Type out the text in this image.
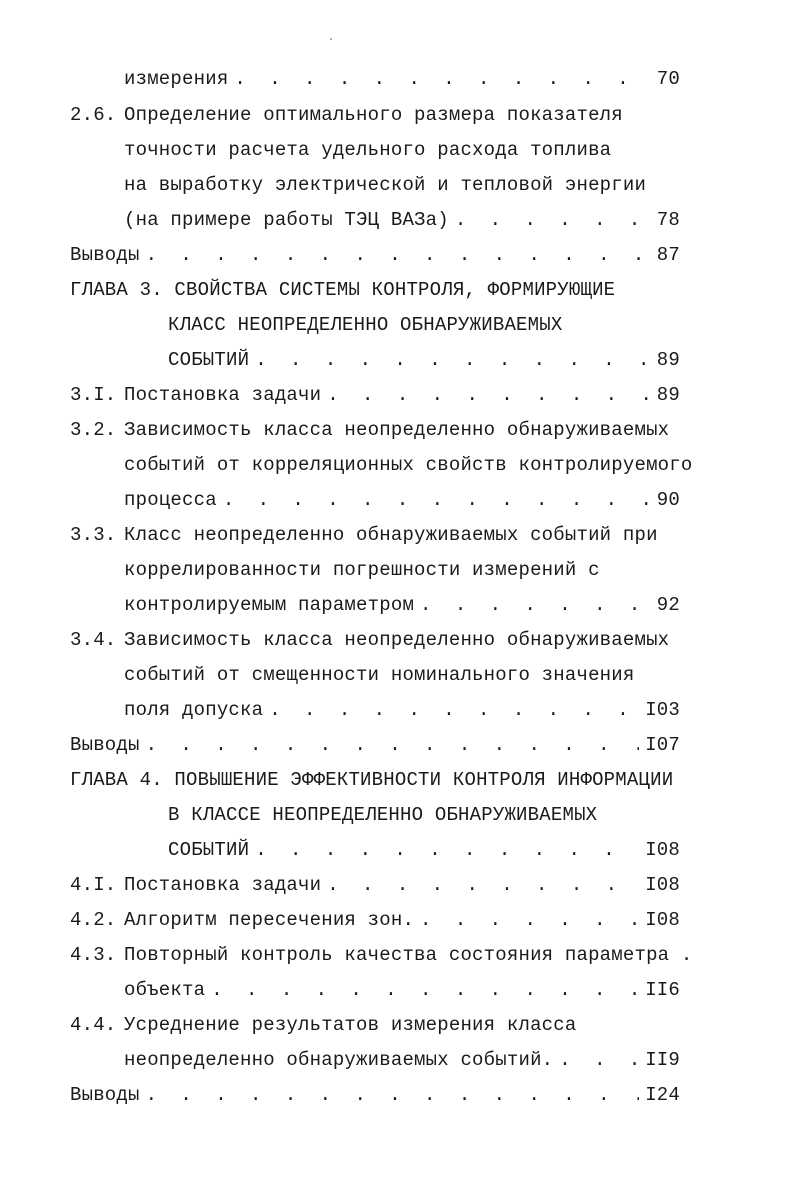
измерения . . .	70
2.6. Определение оптимального размера показателя
точности расчета удельного расхода топлива
на выработку электрической и тепловой энергии
(на примере работы ТЭЦ ВАЗа) . . .	78
Выводы . . .	87
ГЛАВА 3. СВОЙСТВА СИСТЕМЫ КОНТРОЛЯ, ФОРМИРУЮЩИЕ
КЛАСС НЕОПРЕДЕЛЕННО ОБНАРУЖИВАЕМЫХ
СОБЫТИЙ . . .	89
3.I. Постановка задачи . . .	89
3.2. Зависимость класса неопределенно обнаруживаемых
событий от корреляционных свойств контролируемого
процесса . . .	90
3.3. Класс неопределенно обнаруживаемых событий при
коррелированности погрешности измерений с
контролируемым параметром . . .	92
3.4. Зависимость класса неопределенно обнаруживаемых
событий от смещенности номинального значения
поля допуска . . .	I03
Выводы . . .	I07
ГЛАВА 4. ПОВЫШЕНИЕ ЭФФЕКТИВНОСТИ КОНТРОЛЯ ИНФОРМАЦИИ
В КЛАССЕ НЕОПРЕДЕЛЕННО ОБНАРУЖИВАЕМЫХ
СОБЫТИЙ . . .	I08
4.I. Постановка задачи . . .	I08
4.2. Алгоритм пересечения зон. . . .	I08
4.3. Повторный контроль качества состояния параметра .
объекта . . .	II6
4.4. Усреднение результатов измерения класса
неопределенно обнаруживаемых событий. . . .	II9
Выводы . . .	I24
